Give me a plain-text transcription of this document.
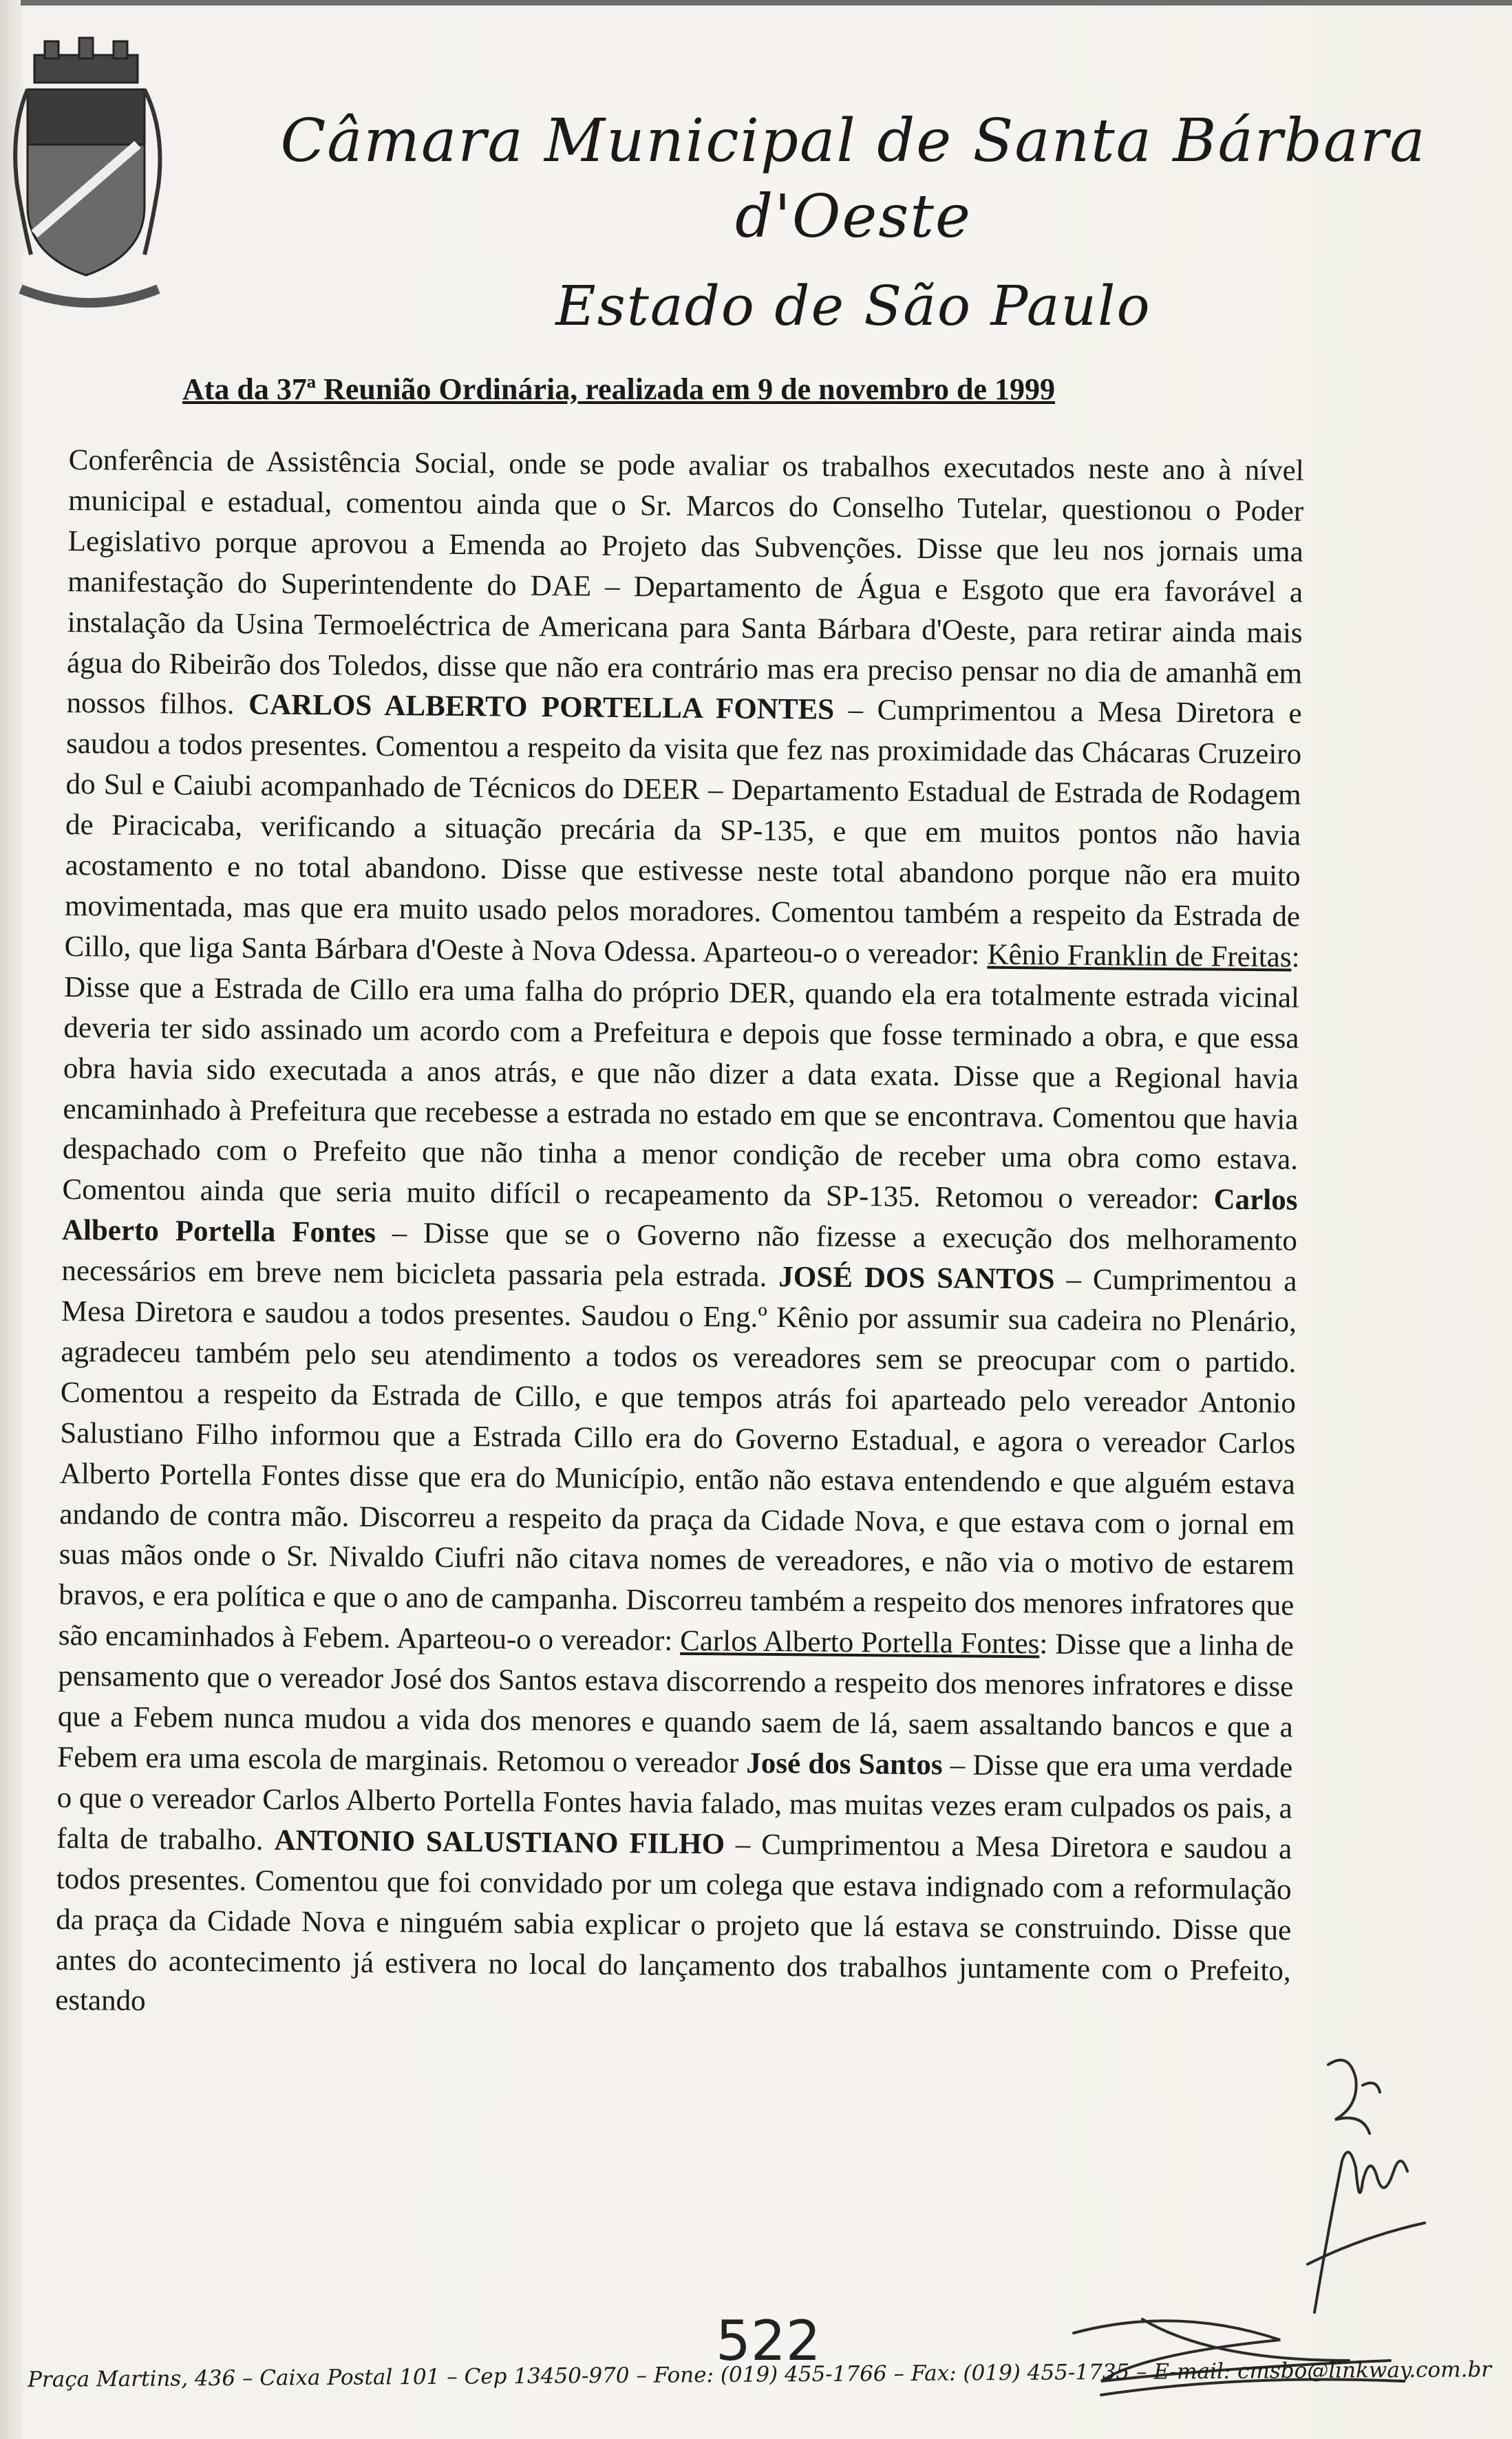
Câmara Municipal de Santa Bárbara d'Oeste
Estado de São Paulo
Ata da 37ª Reunião Ordinária, realizada em 9 de novembro de 1999

Conferência de Assistência Social, onde se pode avaliar os trabalhos executados neste ano à nível municipal e estadual, comentou ainda que o Sr. Marcos do Conselho Tutelar, questionou o Poder Legislativo porque aprovou a Emenda ao Projeto das Subvenções. Disse que leu nos jornais uma manifestação do Superintendente do DAE – Departamento de Água e Esgoto que era favorável a instalação da Usina Termoeléctrica de Americana para Santa Bárbara d'Oeste, para retirar ainda mais água do Ribeirão dos Toledos, disse que não era contrário mas era preciso pensar no dia de amanhã em nossos filhos. CARLOS ALBERTO PORTELLA FONTES – Cumprimentou a Mesa Diretora e saudou a todos presentes. Comentou a respeito da visita que fez nas proximidade das Chácaras Cruzeiro do Sul e Caiubi acompanhado de Técnicos do DEER – Departamento Estadual de Estrada de Rodagem de Piracicaba, verificando a situação precária da SP-135, e que em muitos pontos não havia acostamento e no total abandono. Disse que estivesse neste total abandono porque não era muito movimentada, mas que era muito usado pelos moradores. Comentou também a respeito da Estrada de Cillo, que liga Santa Bárbara d'Oeste à Nova Odessa. Aparteou-o o vereador: Kênio Franklin de Freitas: Disse que a Estrada de Cillo era uma falha do próprio DER, quando ela era totalmente estrada vicinal deveria ter sido assinado um acordo com a Prefeitura e depois que fosse terminado a obra, e que essa obra havia sido executada a anos atrás, e que não dizer a data exata. Disse que a Regional havia encaminhado à Prefeitura que recebesse a estrada no estado em que se encontrava. Comentou que havia despachado com o Prefeito que não tinha a menor condição de receber uma obra como estava. Comentou ainda que seria muito difícil o recapeamento da SP-135. Retomou o vereador: Carlos Alberto Portella Fontes – Disse que se o Governo não fizesse a execução dos melhoramento necessários em breve nem bicicleta passaria pela estrada. JOSÉ DOS SANTOS – Cumprimentou a Mesa Diretora e saudou a todos presentes. Saudou o Eng.º Kênio por assumir sua cadeira no Plenário, agradeceu também pelo seu atendimento a todos os vereadores sem se preocupar com o partido. Comentou a respeito da Estrada de Cillo, e que tempos atrás foi aparteado pelo vereador Antonio Salustiano Filho informou que a Estrada Cillo era do Governo Estadual, e agora o vereador Carlos Alberto Portella Fontes disse que era do Município, então não estava entendendo e que alguém estava andando de contra mão. Discorreu a respeito da praça da Cidade Nova, e que estava com o jornal em suas mãos onde o Sr. Nivaldo Ciufri não citava nomes de vereadores, e não via o motivo de estarem bravos, e era política e que o ano de campanha. Discorreu também a respeito dos menores infratores que são encaminhados à Febem. Aparteou-o o vereador: Carlos Alberto Portella Fontes: Disse que a linha de pensamento que o vereador José dos Santos estava discorrendo a respeito dos menores infratores e disse que a Febem nunca mudou a vida dos menores e quando saem de lá, saem assaltando bancos e que a Febem era uma escola de marginais. Retomou o vereador José dos Santos – Disse que era uma verdade o que o vereador Carlos Alberto Portella Fontes havia falado, mas muitas vezes eram culpados os pais, a falta de trabalho. ANTONIO SALUSTIANO FILHO – Cumprimentou a Mesa Diretora e saudou a todos presentes. Comentou que foi convidado por um colega que estava indignado com a reformulação da praça da Cidade Nova e ninguém sabia explicar o projeto que lá estava se construindo. Disse que antes do acontecimento já estivera no local do lançamento dos trabalhos juntamente com o Prefeito, estando

522
Praça Martins, 436 – Caixa Postal 101 – Cep 13450-970 – Fone: (019) 455-1766 – Fax: (019) 455-1735 – E-mail: cmsbo@linkway.com.br
